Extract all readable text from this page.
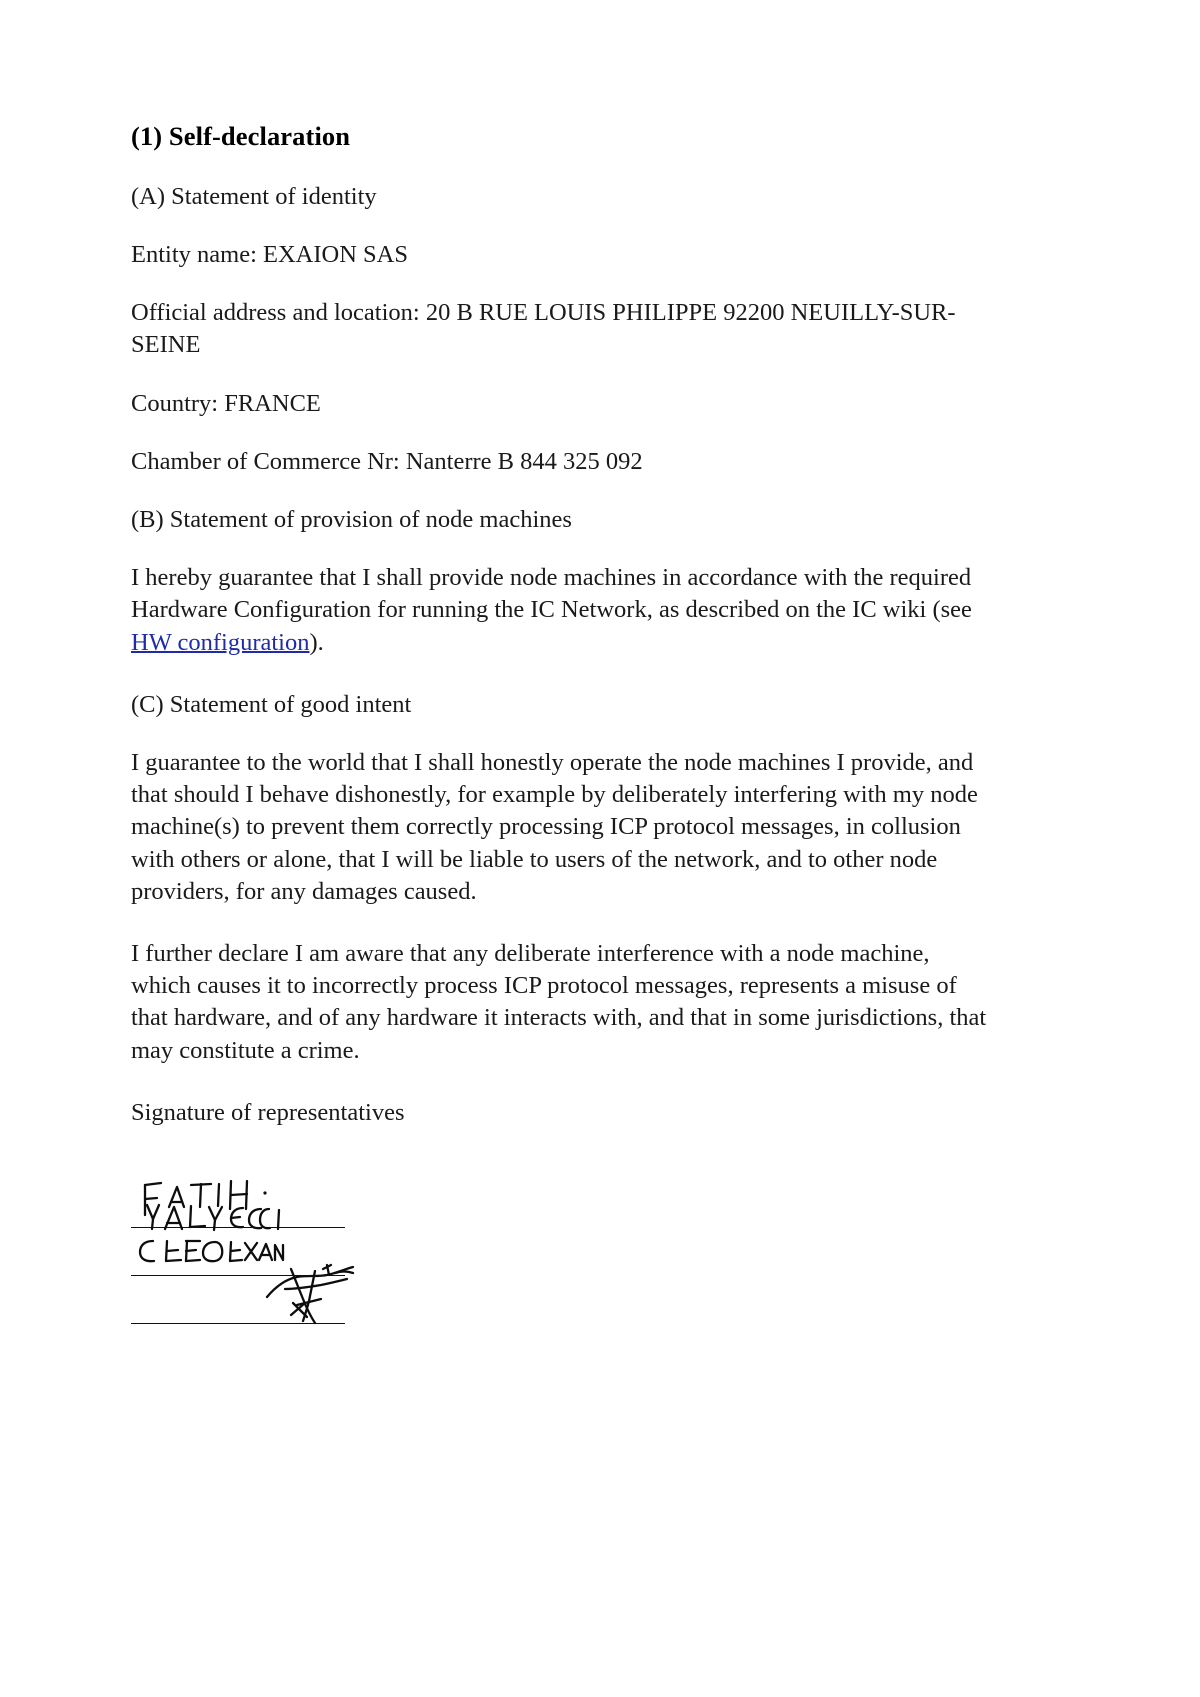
(1) Self-declaration

(A) Statement of identity

Entity name: EXAION SAS

Official address and location: 20 B RUE LOUIS PHILIPPE 92200 NEUILLY-SUR-SEINE

Country: FRANCE

Chamber of Commerce Nr: Nanterre B 844 325 092

(B) Statement of provision of node machines

I hereby guarantee that I shall provide node machines in accordance with the required Hardware Configuration for running the IC Network, as described on the IC wiki (see HW configuration).

(C) Statement of good intent

I guarantee to the world that I shall honestly operate the node machines I provide, and that should I behave dishonestly, for example by deliberately interfering with my node machine(s) to prevent them correctly processing ICP protocol messages, in collusion with others or alone, that I will be liable to users of the network, and to other node providers, for any damages caused.

I further declare I am aware that any deliberate interference with a node machine, which causes it to incorrectly process ICP protocol messages, represents a misuse of that hardware, and of any hardware it interacts with, and that in some jurisdictions, that may constitute a crime.

Signature of representatives
